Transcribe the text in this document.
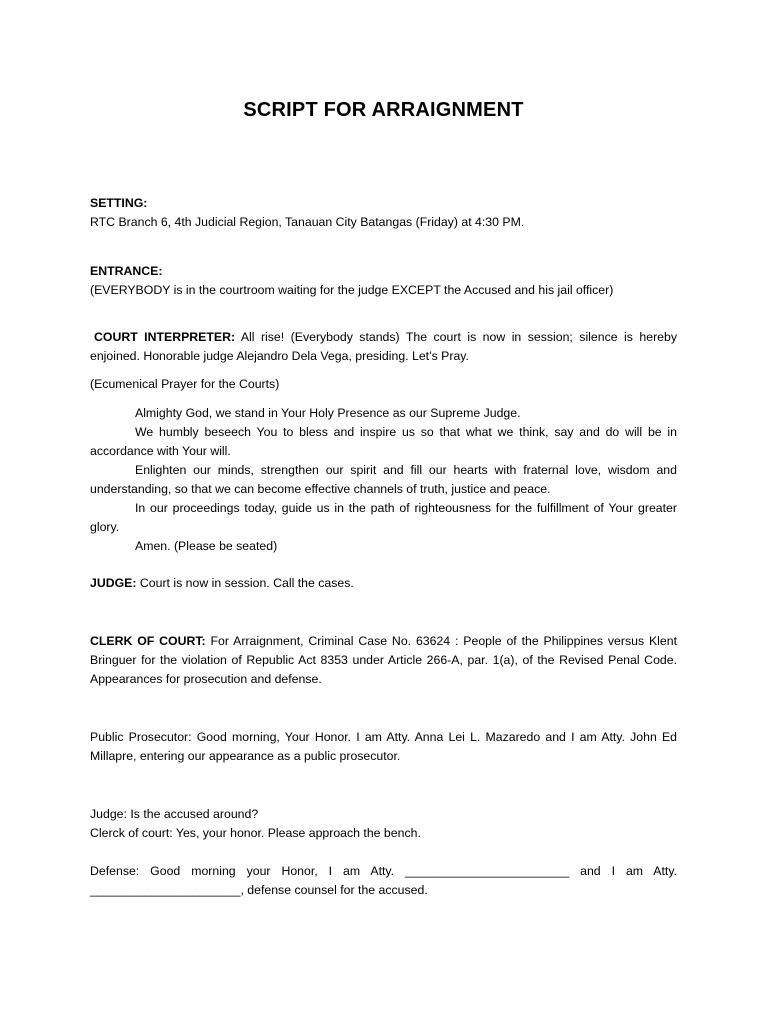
SCRIPT FOR ARRAIGNMENT

SETTING:

RTC Branch 6, 4th Judicial Region, Tanauan City Batangas (Friday) at 4:30 PM.

ENTRANCE:

(EVERYBODY is in the courtroom waiting for the judge EXCEPT the Accused and his jail officer)

COURT INTERPRETER: All rise! (Everybody stands) The court is now in session; silence is hereby enjoined. Honorable judge Alejandro Dela Vega, presiding. Let’s Pray.

(Ecumenical Prayer for the Courts)

Almighty God, we stand in Your Holy Presence as our Supreme Judge.

We humbly beseech You to bless and inspire us so that what we think, say and do will be in accordance with Your will.

Enlighten our minds, strengthen our spirit and fill our hearts with fraternal love, wisdom and understanding, so that we can become effective channels of truth, justice and peace.

In our proceedings today, guide us in the path of righteousness for the fulfillment of Your greater glory.

Amen. (Please be seated)

JUDGE: Court is now in session. Call the cases.

CLERK OF COURT: For Arraignment, Criminal Case No. 63624 : People of the Philippines versus Klent Bringuer for the violation of Republic Act 8353 under Article 266-A, par. 1(a), of the Revised Penal Code. Appearances for prosecution and defense.

Public Prosecutor: Good morning, Your Honor. I am Atty. Anna Lei L. Mazaredo and I am Atty. John Ed Millapre, entering our appearance as a public prosecutor.

Judge: Is the accused around?

Clerck of court: Yes, your honor. Please approach the bench.

Defense: Good morning your Honor, I am Atty. ________________________ and I am Atty. ______________________, defense counsel for the accused.
